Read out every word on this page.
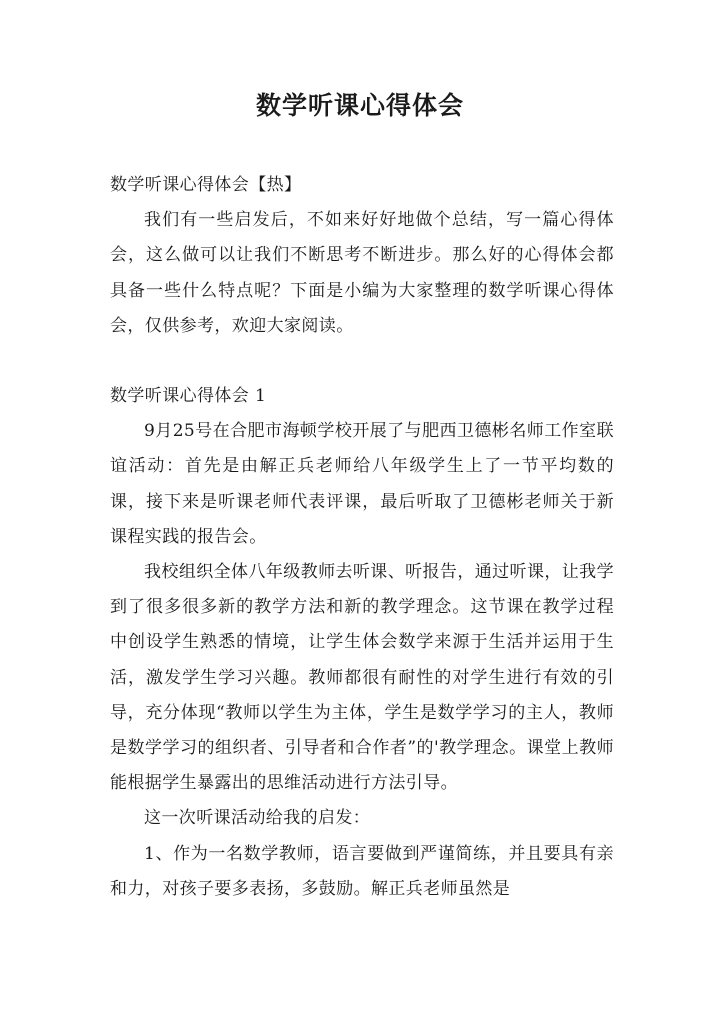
数学听课心得体会

数学听课心得体会【热】

我们有一些启发后，不如来好好地做个总结，写一篇心得体会，这么做可以让我们不断思考不断进步。那么好的心得体会都具备一些什么特点呢？下面是小编为大家整理的数学听课心得体会，仅供参考，欢迎大家阅读。

数学听课心得体会 1

9月25号在合肥市海顿学校开展了与肥西卫德彬名师工作室联谊活动：首先是由解正兵老师给八年级学生上了一节平均数的课，接下来是听课老师代表评课，最后听取了卫德彬老师关于新课程实践的报告会。

我校组织全体八年级教师去听课、听报告，通过听课，让我学到了很多很多新的教学方法和新的教学理念。这节课在教学过程中创设学生熟悉的情境，让学生体会数学来源于生活并运用于生活，激发学生学习兴趣。教师都很有耐性的对学生进行有效的引导，充分体现“教师以学生为主体，学生是数学学习的主人，教师是数学学习的组织者、引导者和合作者”的'教学理念。课堂上教师能根据学生暴露出的思维活动进行方法引导。

这一次听课活动给我的启发：

1、作为一名数学教师，语言要做到严谨简练，并且要具有亲和力，对孩子要多表扬，多鼓励。解正兵老师虽然是
